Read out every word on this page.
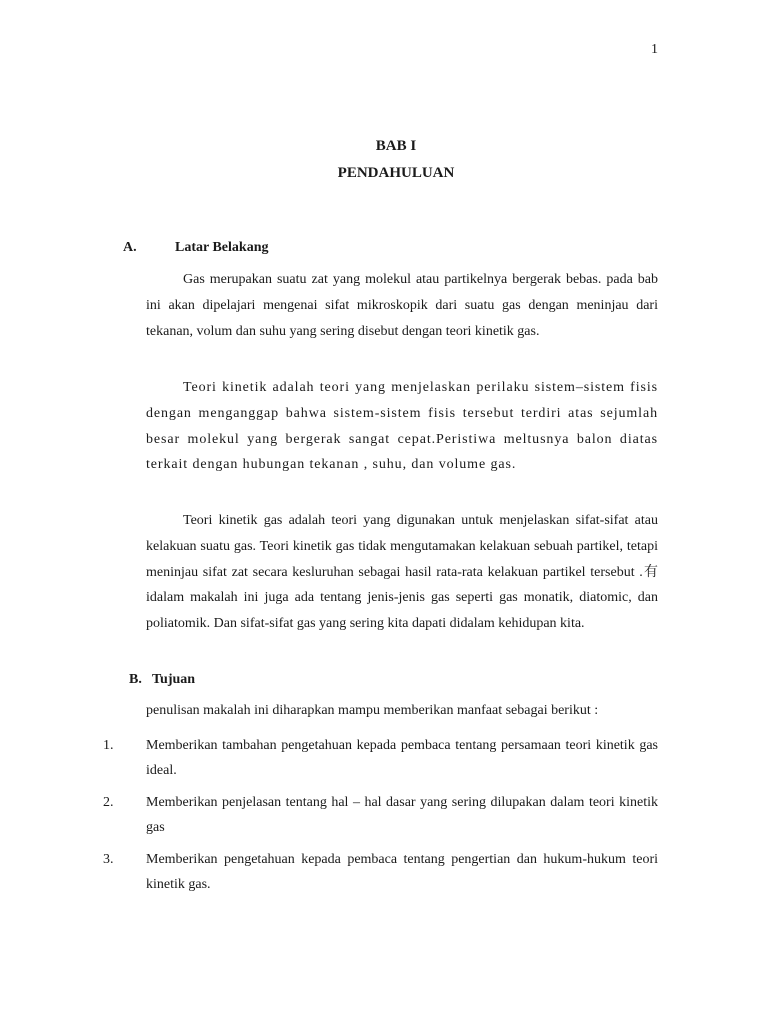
1
BAB I
PENDAHULUAN
A.	Latar Belakang

Gas merupakan suatu zat yang molekul atau partikelnya bergerak bebas. pada bab ini akan dipelajari mengenai sifat mikroskopik dari suatu gas dengan meninjau dari tekanan, volum dan suhu yang sering disebut dengan teori kinetik gas.

Teori kinetik adalah teori yang menjelaskan perilaku sistem–sistem fisis dengan menganggap bahwa sistem-sistem fisis tersebut terdiri atas sejumlah besar molekul yang bergerak sangat cepat.Peristiwa meltusnya balon diatas terkait dengan hubungan tekanan , suhu, dan volume gas.

Teori kinetik gas adalah teori yang digunakan untuk menjelaskan sifat-sifat atau kelakuan suatu gas. Teori kinetik gas tidak mengutamakan kelakuan sebuah partikel, tetapi meninjau sifat zat secara kesluruhan sebagai hasil rata-rata kelakuan partikel tersebut .有idalam makalah ini juga ada tentang jenis-jenis gas seperti gas monatik, diatomic, dan poliatomik. Dan sifat-sifat gas yang sering kita dapati didalam kehidupan kita.

B. Tujuan
penulisan makalah ini diharapkan mampu memberikan manfaat sebagai berikut :
1. Memberikan tambahan pengetahuan kepada pembaca tentang persamaan teori kinetik gas ideal.

2. Memberikan penjelasan tentang hal – hal dasar yang sering dilupakan dalam teori kinetik gas

3. Memberikan pengetahuan kepada pembaca tentang pengertian dan hukum-hukum teori kinetik gas.
